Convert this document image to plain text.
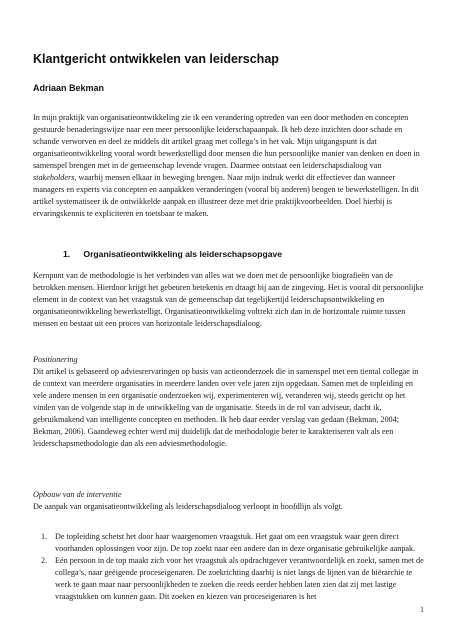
Klantgericht ontwikkelen van leiderschap

Adriaan Bekman

In mijn praktijk van organisatieontwikkeling zie ik een verandering optreden van een door methoden en concepten gestuurde benaderingswijze naar een meer persoonlijke leiderschapaanpak. Ik heb deze inzichten door schade en schande verworven en deel ze middels dit artikel graag met collega’s in het vak. Mijn uitgangspunt is dat organisatieontwikkeling vooral wordt bewerkstelligd door mensen die hun persoonlijke manier van denken en doen in samenspel brengen met in de gemeenschap levende vragen. Daarmee ontstaat een leiderschapsdialoog van stakeholders, waarbij mensen elkaar in beweging brengen. Naar mijn indruk werkt dit effectiever dan wanneer managers en experts via concepten en aanpakken veranderingen (vooral bij anderen) beogen te bewerkstelligen. In dit artikel systematiseer ik de ontwikkelde aanpak en illustreer deze met drie praktijkvoorbeelden. Doel hierbij is ervaringskennis te expliciteren en toetsbaar te maken.

1. Organisatieontwikkeling als leiderschapsopgave

Kernpunt van de methodologie is het verbinden van alles wat we doen met de persoonlijke biografieën van de betrokken mensen. Hierdoor krijgt het gebeuren betekenis en draagt bij aan de zingeving. Het is vooral dit persoonlijke element in de context van het vraagstuk van de gemeenschap dat tegelijkertijd leiderschapsontwikkeling en organisatieontwikkeling bewerkstelligt. Organisatieontwikkeling voltrekt zich dan in de horizontale ruimte tussen mensen en bestaat uit een proces van horizontale leiderschapsdialoog.

Positionering
Dit artikel is gebaseerd op adviesrervaringen op basis van actieonderzoek die in samenspel met een tiental collegae in de context van meerdere organisaties in meerdere landen over vele jaren zijn opgedaan. Samen met de topleiding en vele andere mensen in een organisatie onderzoeken wij, experimenteren wij, veranderen wij, steeds gericht op het vinden van de volgende stap in de ontwikkeling van de organisatie. Steeds in de rol van adviseur, dacht ik, gebruikmakend van intelligente concepten en methoden. Ik heb daar eerder verslag van gedaan (Bekman, 2004; Bekman, 2006). Gaandeweg echter werd mij duidelijk dat de methodologie beter te karakteriseren valt als een leiderschapsmethodologie dan als een adviesmethodologie.
Opbouw van de interventie
De aanpak van organisatieontwikkeling als leiderschapsdialoog verloopt in hoofdlijn als volgt.
1. De topleiding schetst het door haar waargenomen vraagstuk. Het gaat om een vraagstuk waar geen direct voorhanden oplossingen voor zijn. De top zoekt naar een andere dan in deze organisatie gebruikelijke aanpak.
2. Eén persoon in de top maakt zich voor het vraagstuk als opdrachtgever verantwoordelijk en zoekt, samen met de collega’s, naar geëigende proceseigenaren. De zoekrichting daarbij is niet langs de lijnen van de hiërarchie te werk te gaan maar naar persoonlijkheden te zoeken die reeds eerder hebben laten zien dat zij met lastige vraagstukken om kunnen gaan. Dit zoeken en kiezen van proceseigenaren is het
1
